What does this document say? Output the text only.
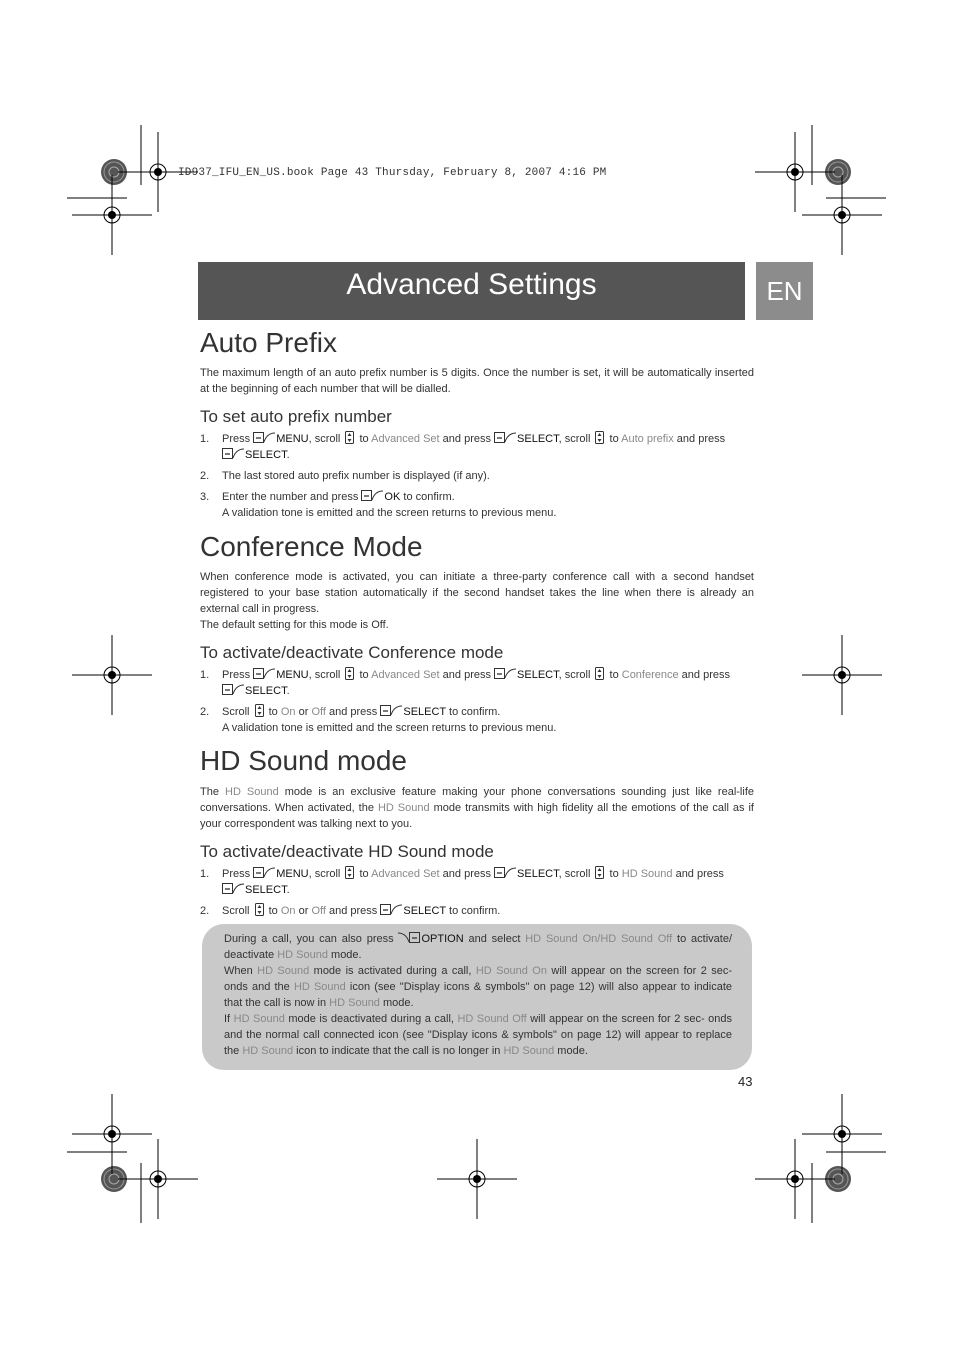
ID937_IFU_EN_US.book Page 43 Thursday, February 8, 2007 4:16 PM
Advanced Settings	EN
Auto Prefix
The maximum length of an auto prefix number is 5 digits. Once the number is set, it will be automatically inserted at the beginning of each number that will be dialled.
To set auto prefix number
1. Press MENU, scroll  to Advanced Set and press SELECT, scroll  to Auto prefix and press
SELECT.
2. The last stored auto prefix number is displayed (if any).
3. Enter the number and press OK to confirm.
A validation tone is emitted and the screen returns to previous menu.
Conference Mode
When conference mode is activated, you can initiate a three-party conference call with a second handset registered to your base station automatically if the second handset takes the line when there is already an external call in progress.
The default setting for this mode is Off.
To activate/deactivate Conference mode
1. Press MENU, scroll  to Advanced Set and press SELECT, scroll  to Conference and press
SELECT.
2. Scroll  to On or Off and press SELECT to confirm.
A validation tone is emitted and the screen returns to previous menu.
HD Sound mode
The HD Sound mode is an exclusive feature making your phone conversations sounding just like real-life conversations. When activated, the HD Sound mode transmits with high fidelity all the emotions of the call as if your correspondent was talking next to you.
To activate/deactivate HD Sound mode
1. Press MENU, scroll  to Advanced Set and press SELECT, scroll  to HD Sound and press
SELECT.
2. Scroll  to On or Off and press SELECT to confirm.
During a call, you can also press OPTION and select HD Sound On/HD Sound Off to activate/ deactivate HD Sound mode.
When HD Sound mode is activated during a call, HD Sound On will appear on the screen for 2 sec- onds and the HD Sound icon (see "Display icons & symbols" on page 12) will also appear to indicate that the call is now in HD Sound mode.
If HD Sound mode is deactivated during a call, HD Sound Off will appear on the screen for 2 sec- onds and the normal call connected icon (see "Display icons & symbols" on page 12) will appear to replace the HD Sound icon to indicate that the call is no longer in HD Sound mode.
43
